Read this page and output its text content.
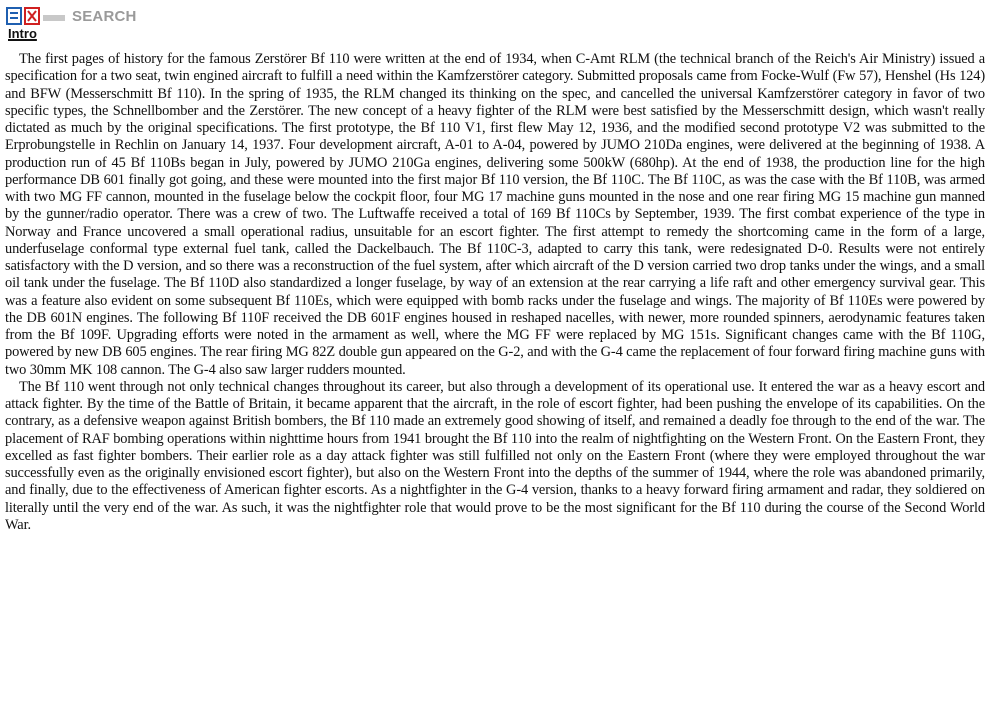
SEARCH
Intro

The first pages of history for the famous Zerstörer Bf 110 were written at the end of 1934, when C-Amt RLM (the technical branch of the Reich's Air Ministry) issued a specification for a two seat, twin engined aircraft to fulfill a need within the Kamfzerstörer category. Submitted proposals came from Focke-Wulf (Fw 57), Henshel (Hs 124) and BFW (Messerschmitt Bf 110). In the spring of 1935, the RLM changed its thinking on the spec, and cancelled the universal Kamfzerstörer category in favor of two specific types, the Schnellbomber and the Zerstörer. The new concept of a heavy fighter of the RLM were best satisfied by the Messerschmitt design, which wasn't really dictated as much by the original specifications. The first prototype, the Bf 110 V1, first flew May 12, 1936, and the modified second prototype V2 was submitted to the Erprobungstelle in Rechlin on January 14, 1937. Four development aircraft, A-01 to A-04, powered by JUMO 210Da engines, were delivered at the beginning of 1938. A production run of 45 Bf 110Bs began in July, powered by JUMO 210Ga engines, delivering some 500kW (680hp). At the end of 1938, the production line for the high performance DB 601 finally got going, and these were mounted into the first major Bf 110 version, the Bf 110C. The Bf 110C, as was the case with the Bf 110B, was armed with two MG FF cannon, mounted in the fuselage below the cockpit floor, four MG 17 machine guns mounted in the nose and one rear firing MG 15 machine gun manned by the gunner/radio operator. There was a crew of two. The Luftwaffe received a total of 169 Bf 110Cs by September, 1939. The first combat experience of the type in Norway and France uncovered a small operational radius, unsuitable for an escort fighter. The first attempt to remedy the shortcoming came in the form of a large, underfuselage conformal type external fuel tank, called the Dackelbauch. The Bf 110C-3, adapted to carry this tank, were redesignated D-0. Results were not entirely satisfactory with the D version, and so there was a reconstruction of the fuel system, after which aircraft of the D version carried two drop tanks under the wings, and a small oil tank under the fuselage. The Bf 110D also standardized a longer fuselage, by way of an extension at the rear carrying a life raft and other emergency survival gear. This was a feature also evident on some subsequent Bf 110Es, which were equipped with bomb racks under the fuselage and wings. The majority of Bf 110Es were powered by the DB 601N engines. The following Bf 110F received the DB 601F engines housed in reshaped nacelles, with newer, more rounded spinners, aerodynamic features taken from the Bf 109F. Upgrading efforts were noted in the armament as well, where the MG FF were replaced by MG 151s. Significant changes came with the Bf 110G, powered by new DB 605 engines. The rear firing MG 82Z double gun appeared on the G-2, and with the G-4 came the replacement of four forward firing machine guns with two 30mm MK 108 cannon. The G-4 also saw larger rudders mounted.

The Bf 110 went through not only technical changes throughout its career, but also through a development of its operational use. It entered the war as a heavy escort and attack fighter. By the time of the Battle of Britain, it became apparent that the aircraft, in the role of escort fighter, had been pushing the envelope of its capabilities. On the contrary, as a defensive weapon against British bombers, the Bf 110 made an extremely good showing of itself, and remained a deadly foe through to the end of the war. The placement of RAF bombing operations within nighttime hours from 1941 brought the Bf 110 into the realm of nightfighting on the Western Front. On the Eastern Front, they excelled as fast fighter bombers. Their earlier role as a day attack fighter was still fulfilled not only on the Eastern Front (where they were employed throughout the war successfully even as the originally envisioned escort fighter), but also on the Western Front into the depths of the summer of 1944, where the role was abandoned primarily, and finally, due to the effectiveness of American fighter escorts. As a nightfighter in the G-4 version, thanks to a heavy forward firing armament and radar, they soldiered on literally until the very end of the war. As such, it was the nightfighter role that would prove to be the most significant for the Bf 110 during the course of the Second World War.
